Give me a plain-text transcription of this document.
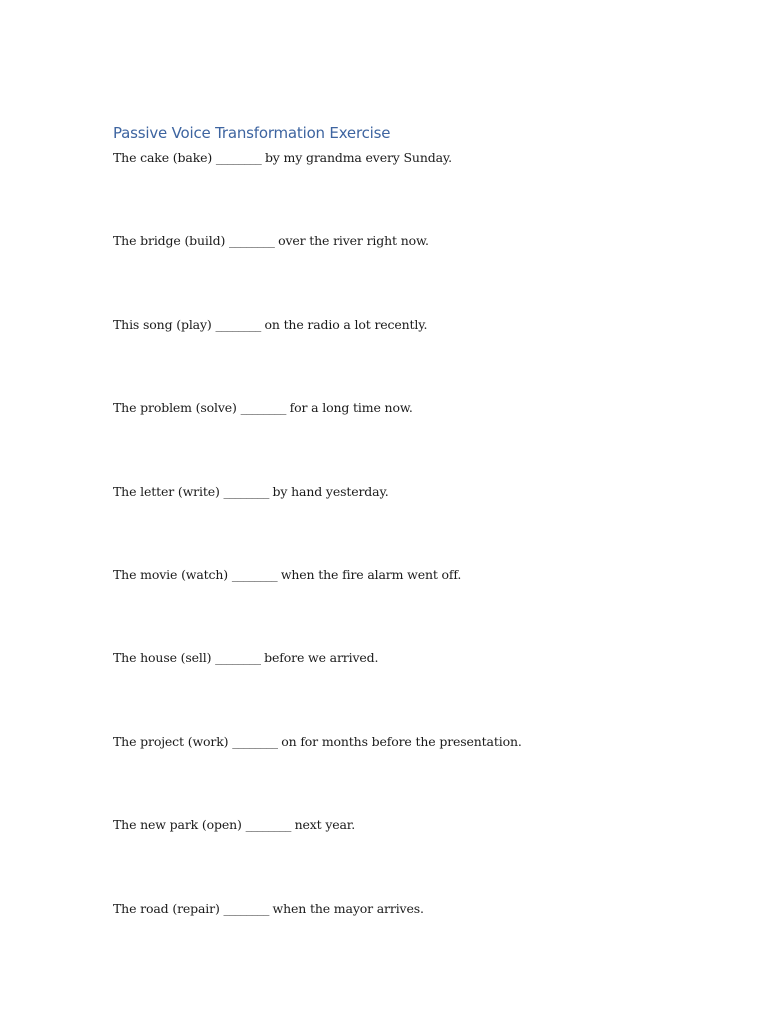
Passive Voice Transformation Exercise
The cake (bake) ________ by my grandma every Sunday.
The bridge (build) ________ over the river right now.
This song (play) ________ on the radio a lot recently.
The problem (solve) ________ for a long time now.
The letter (write) ________ by hand yesterday.
The movie (watch) ________ when the fire alarm went off.
The house (sell) ________ before we arrived.
The project (work) ________ on for months before the presentation.
The new park (open) ________ next year.
The road (repair) ________ when the mayor arrives.
